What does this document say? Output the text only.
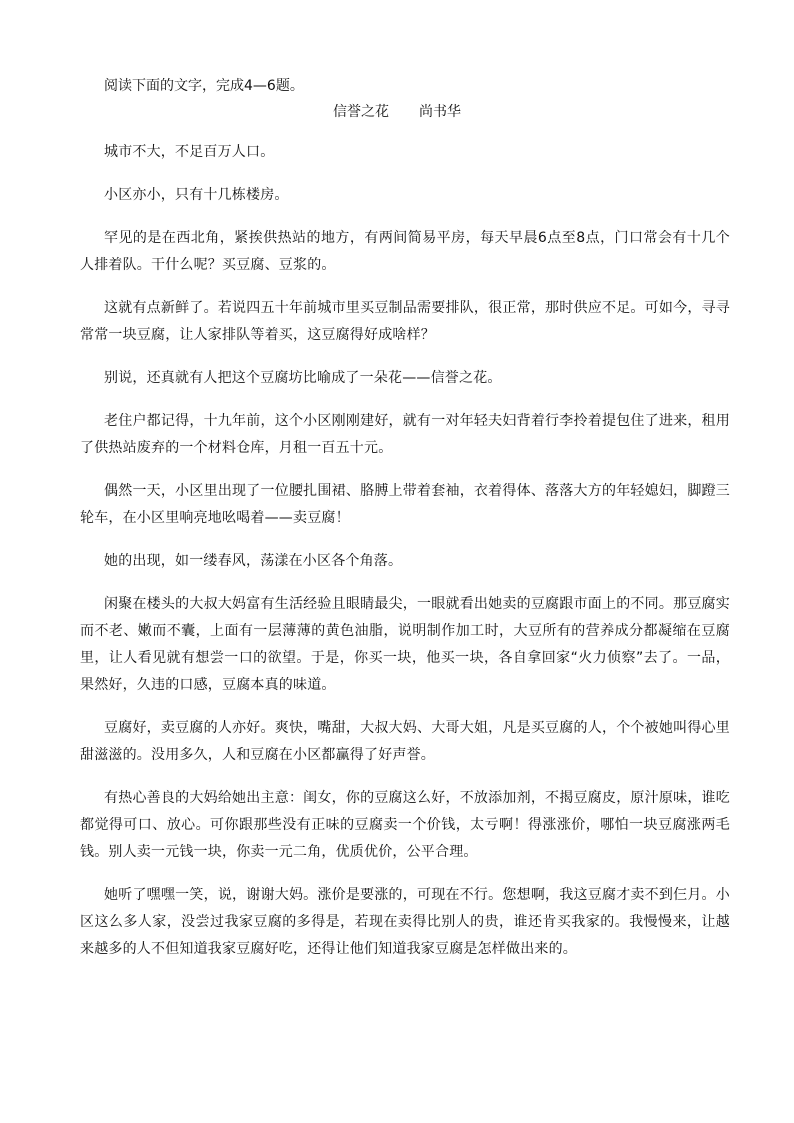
阅读下面的文字，完成4—6题。

信誉之花 尚书华

城市不大，不足百万人口。

小区亦小，只有十几栋楼房。

罕见的是在西北角，紧挨供热站的地方，有两间简易平房，每天早晨6点至8点，门口常会有十几个人排着队。干什么呢？买豆腐、豆浆的。

这就有点新鲜了。若说四五十年前城市里买豆制品需要排队，很正常，那时供应不足。可如今，寻寻常常一块豆腐，让人家排队等着买，这豆腐得好成啥样？

别说，还真就有人把这个豆腐坊比喻成了一朵花——信誉之花。

老住户都记得，十九年前，这个小区刚刚建好，就有一对年轻夫妇背着行李拎着提包住了进来，租用了供热站废弃的一个材料仓库，月租一百五十元。

偶然一天，小区里出现了一位腰扎围裙、胳膊上带着套袖，衣着得体、落落大方的年轻媳妇，脚蹬三轮车，在小区里响亮地吆喝着——卖豆腐！

她的出现，如一缕春风，荡漾在小区各个角落。

闲聚在楼头的大叔大妈富有生活经验且眼睛最尖，一眼就看出她卖的豆腐跟市面上的不同。那豆腐实而不老、嫩而不囊，上面有一层薄薄的黄色油脂，说明制作加工时，大豆所有的营养成分都凝缩在豆腐里，让人看见就有想尝一口的欲望。于是，你买一块，他买一块，各自拿回家“火力侦察”去了。一品，果然好，久违的口感，豆腐本真的味道。

豆腐好，卖豆腐的人亦好。爽快，嘴甜，大叔大妈、大哥大姐，凡是买豆腐的人，个个被她叫得心里甜滋滋的。没用多久，人和豆腐在小区都赢得了好声誉。

有热心善良的大妈给她出主意：闺女，你的豆腐这么好，不放添加剂，不揭豆腐皮，原汁原味，谁吃都觉得可口、放心。可你跟那些没有正味的豆腐卖一个价钱，太亏啊！得涨涨价，哪怕一块豆腐涨两毛钱。别人卖一元钱一块，你卖一元二角，优质优价，公平合理。

她听了嘿嘿一笑，说，谢谢大妈。涨价是要涨的，可现在不行。您想啊，我这豆腐才卖不到仨月。小区这么多人家，没尝过我家豆腐的多得是，若现在卖得比别人的贵，谁还肯买我家的。我慢慢来，让越来越多的人不但知道我家豆腐好吃，还得让他们知道我家豆腐是怎样做出来的。
